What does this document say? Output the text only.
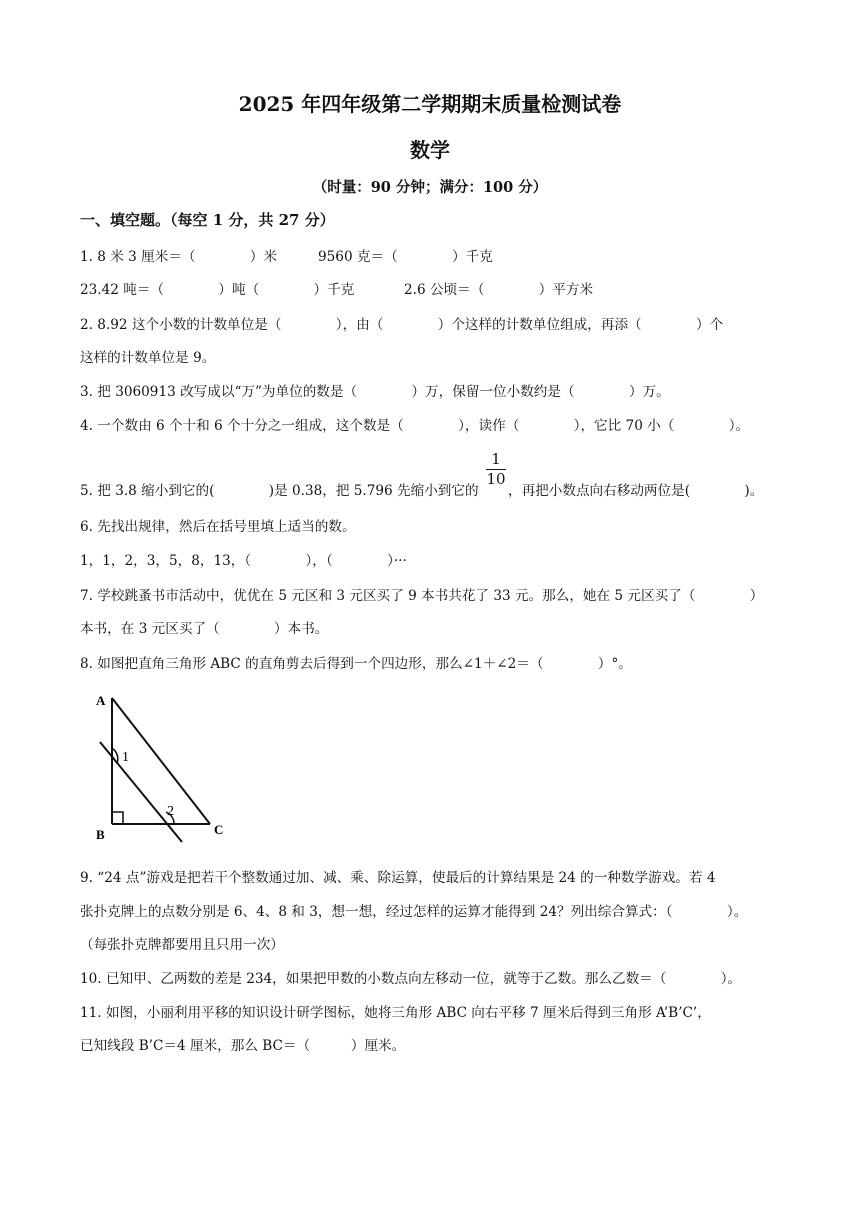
2025 年四年级第二学期期末质量检测试卷
数学
（时量：90 分钟；满分：100 分）
一、填空题。（每空 1 分，共 27 分）
1. 8 米 3 厘米＝（　　　　）米	9560 克＝（　　　　）千克
23.42 吨＝（　　　　）吨（　　　　）千克	2.6 公顷＝（　　　　）平方米
2. 8.92 这个小数的计数单位是（　　　　），由（　　　　）个这样的计数单位组成，再添（　　　　）个
这样的计数单位是 9。
3. 把 3060913 改写成以“万”为单位的数是（　　　　）万，保留一位小数约是（　　　　）万。
4. 一个数由 6 个十和 6 个十分之一组成，这个数是（　　　　），读作（　　　　），它比 70 小（　　　　）。
5. 把 3.8 缩小到它的(　　　　)是 0.38，把 5.796 先缩小到它的
1
10
，再把小数点向右移动两位是(　　　　)。
6. 先找出规律，然后在括号里填上适当的数。
1，1，2，3，5，8，13，（　　　　），（　　　　）···
7. 学校跳蚤书市活动中，优优在 5 元区和 3 元区买了 9 本书共花了 33 元。那么，她在 5 元区买了（　　　　）
本书，在 3 元区买了（　　　　）本书。
8. 如图把直角三角形 ABC 的直角剪去后得到一个四边形，那么∠1＋∠2＝（　　　　）°。
A
B	C
1
2
9. “24 点”游戏是把若干个整数通过加、减、乘、除运算，使最后的计算结果是 24 的一种数学游戏。若 4
张扑克牌上的点数分别是 6、4、8 和 3，想一想，经过怎样的运算才能得到 24？列出综合算式：（　　　　）。
（每张扑克牌都要用且只用一次）
10. 已知甲、乙两数的差是 234，如果把甲数的小数点向左移动一位，就等于乙数。那么乙数＝（　　　　）。
11. 如图，小丽利用平移的知识设计研学图标，她将三角形 ABC 向右平移 7 厘米后得到三角形 A’B’C’，
已知线段 B’C＝4 厘米，那么 BC＝（　　　）厘米。
